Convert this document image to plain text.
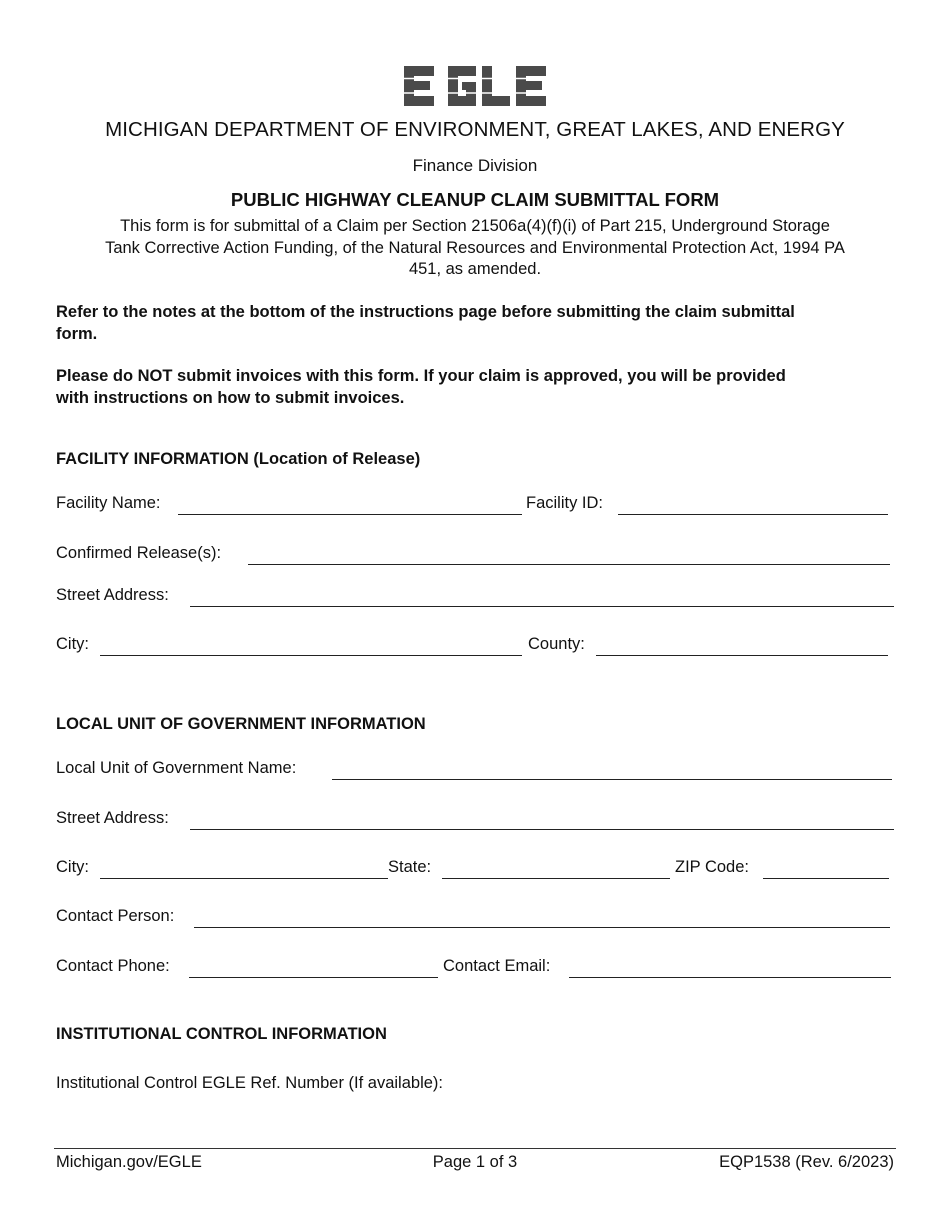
MICHIGAN DEPARTMENT OF ENVIRONMENT, GREAT LAKES, AND ENERGY
Finance Division
PUBLIC HIGHWAY CLEANUP CLAIM SUBMITTAL FORM
This form is for submittal of a Claim per Section 21506a(4)(f)(i) of Part 215, Underground Storage
Tank Corrective Action Funding, of the Natural Resources and Environmental Protection Act, 1994 PA
451, as amended.
Refer to the notes at the bottom of the instructions page before submitting the claim submittal
form.
Please do NOT submit invoices with this form. If your claim is approved, you will be provided
with instructions on how to submit invoices.
FACILITY INFORMATION (Location of Release)
Facility Name:	Facility ID:
Confirmed Release(s):
Street Address:
City:	County:
LOCAL UNIT OF GOVERNMENT INFORMATION
Local Unit of Government Name:
Street Address:
City:	State:	ZIP Code:
Contact Person:
Contact Phone:	Contact Email:
INSTITUTIONAL CONTROL INFORMATION
Institutional Control EGLE Ref. Number (If available):
Michigan.gov/EGLE	Page 1 of 3	EQP1538 (Rev. 6/2023)
